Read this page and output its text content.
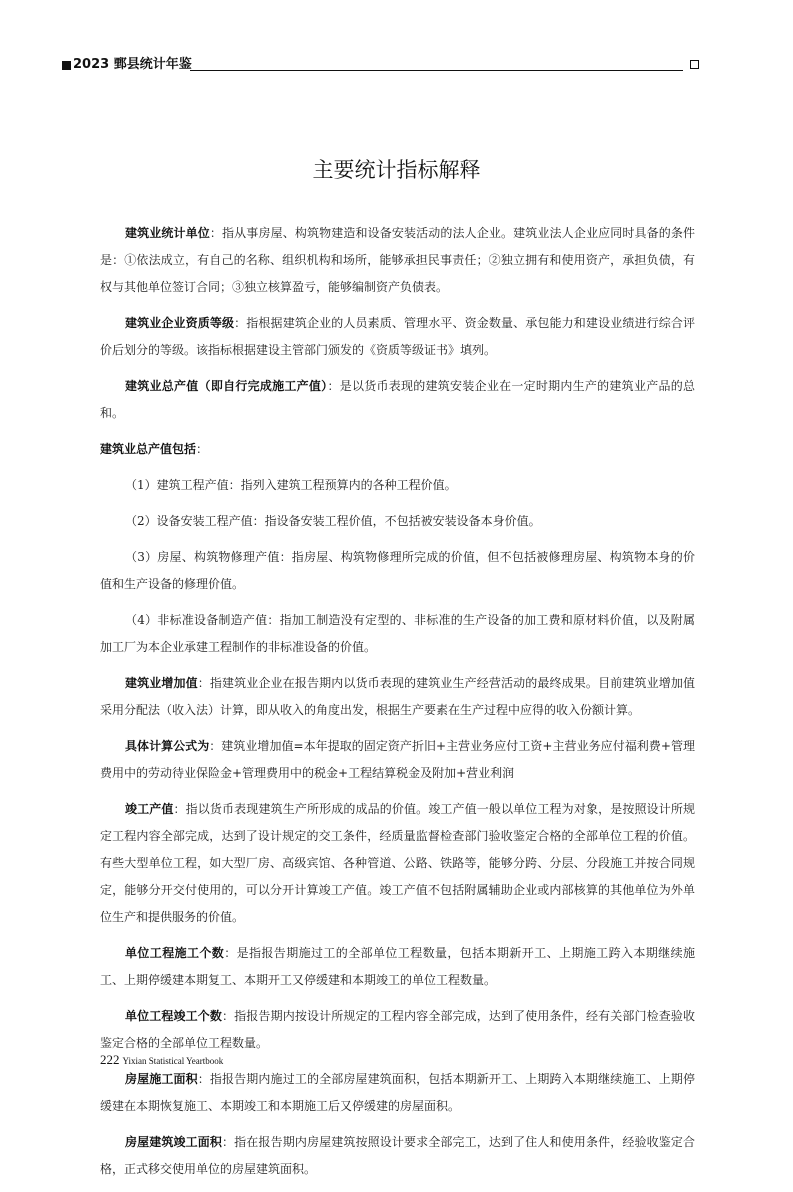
2023 鄄县统计年鉴
主要统计指标解释

建筑业统计单位：指从事房屋、构筑物建造和设备安装活动的法人企业。建筑业法人企业应同时具备的条件是：①依法成立，有自己的名称、组织机构和场所，能够承担民事责任；②独立拥有和使用资产，承担负债，有权与其他单位签订合同；③独立核算盈亏，能够编制资产负债表。

建筑业企业资质等级：指根据建筑企业的人员素质、管理水平、资金数量、承包能力和建设业绩进行综合评价后划分的等级。该指标根据建设主管部门颁发的《资质等级证书》填列。

建筑业总产值（即自行完成施工产值）：是以货币表现的建筑安装企业在一定时期内生产的建筑业产品的总和。

建筑业总产值包括：

（1）建筑工程产值：指列入建筑工程预算内的各种工程价值。

（2）设备安装工程产值：指设备安装工程价值，不包括被安装设备本身价值。

（3）房屋、构筑物修理产值：指房屋、构筑物修理所完成的价值，但不包括被修理房屋、构筑物本身的价值和生产设备的修理价值。

（4）非标准设备制造产值：指加工制造没有定型的、非标准的生产设备的加工费和原材料价值，以及附属加工厂为本企业承建工程制作的非标准设备的价值。

建筑业增加值：指建筑业企业在报告期内以货币表现的建筑业生产经营活动的最终成果。目前建筑业增加值采用分配法（收入法）计算，即从收入的角度出发，根据生产要素在生产过程中应得的收入份额计算。

具体计算公式为：建筑业增加值=本年提取的固定资产折旧+主营业务应付工资+主营业务应付福利费+管理费用中的劳动待业保险金+管理费用中的税金+工程结算税金及附加+营业利润

竣工产值：指以货币表现建筑生产所形成的成品的价值。竣工产值一般以单位工程为对象，是按照设计所规定工程内容全部完成，达到了设计规定的交工条件，经质量监督检查部门验收鉴定合格的全部单位工程的价值。有些大型单位工程，如大型厂房、高级宾馆、各种管道、公路、铁路等，能够分跨、分层、分段施工并按合同规定，能够分开交付使用的，可以分开计算竣工产值。竣工产值不包括附属辅助企业或内部核算的其他单位为外单位生产和提供服务的价值。

单位工程施工个数：是指报告期施过工的全部单位工程数量，包括本期新开工、上期施工跨入本期继续施工、上期停缓建本期复工、本期开工又停缓建和本期竣工的单位工程数量。

单位工程竣工个数：指报告期内按设计所规定的工程内容全部完成，达到了使用条件，经有关部门检查验收鉴定合格的全部单位工程数量。

房屋施工面积：指报告期内施过工的全部房屋建筑面积，包括本期新开工、上期跨入本期继续施工、上期停缓建在本期恢复施工、本期竣工和本期施工后又停缓建的房屋面积。

房屋建筑竣工面积：指在报告期内房屋建筑按照设计要求全部完工，达到了住人和使用条件，经验收鉴定合格，正式移交使用单位的房屋建筑面积。

222 Yixian Statistical Yeartbook
